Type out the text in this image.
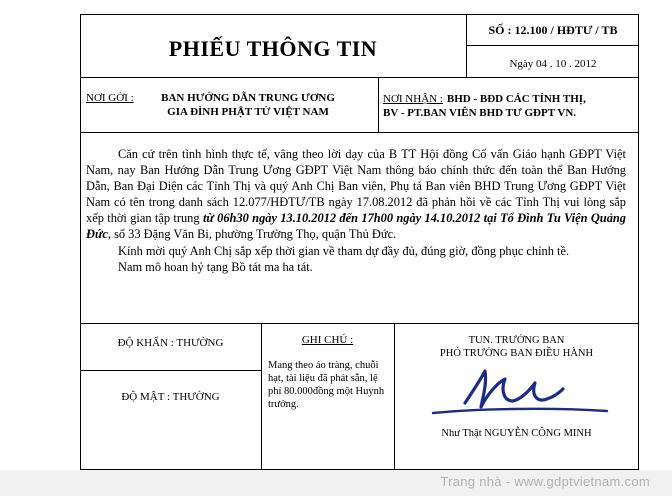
PHIẾU THÔNG TIN
SỐ : 12.100 / HĐTƯ / TB
Ngày 04 . 10 . 2012
NƠI GỞI :	BAN HƯỚNG DẪN TRUNG ƯƠNG
GIA ĐÌNH PHẬT TỬ VIỆT NAM
NƠI NHẬN : BHD - BĐD CÁC TỈNH THỊ,
BV - PT.BAN VIÊN BHD TƯ GĐPT VN.

Căn cứ trên tình hình thực tế, vâng theo lời dạy của B TT Hội đồng Cố vấn Giáo hạnh GĐPT Việt Nam, nay Ban Hướng Dẫn Trung Ương GĐPT Việt Nam thông báo chính thức đến toàn thể Ban Hướng Dẫn, Ban Đại Diện các Tỉnh Thị và quý Anh Chị Ban viên, Phụ tá Ban viên BHD Trung Ương GĐPT Việt Nam có tên trong danh sách 12.077/HĐTƯ/TB ngày 17.08.2012 đã phản hồi về các Tỉnh Thị vui lòng sắp xếp thời gian tập trung từ 06h30 ngày 13.10.2012 đến 17h00 ngày 14.10.2012 tại Tổ Đình Tu Viện Quảng Đức, số 33 Đặng Văn Bi, phường Trường Thọ, quận Thủ Đức.

Kính mời quý Anh Chị sắp xếp thời gian về tham dự đầy đủ, đúng giờ, đồng phục chỉnh tề.

Nam mô hoan hỷ tạng Bồ tát ma ha tát.

ĐỘ KHẨN : THƯỜNG
ĐỘ MẬT : THƯỜNG
GHI CHÚ :
Mang theo áo tràng, chuỗi hạt, tài liệu đã phát sẵn, lệ phí 80.000đồng một Huynh trưởng.
TUN. TRƯỞNG BAN
PHÓ TRƯỞNG BAN ĐIỀU HÀNH
Như Thật NGUYỄN CÔNG MINH
Trang nhà - www.gdptvietnam.com
